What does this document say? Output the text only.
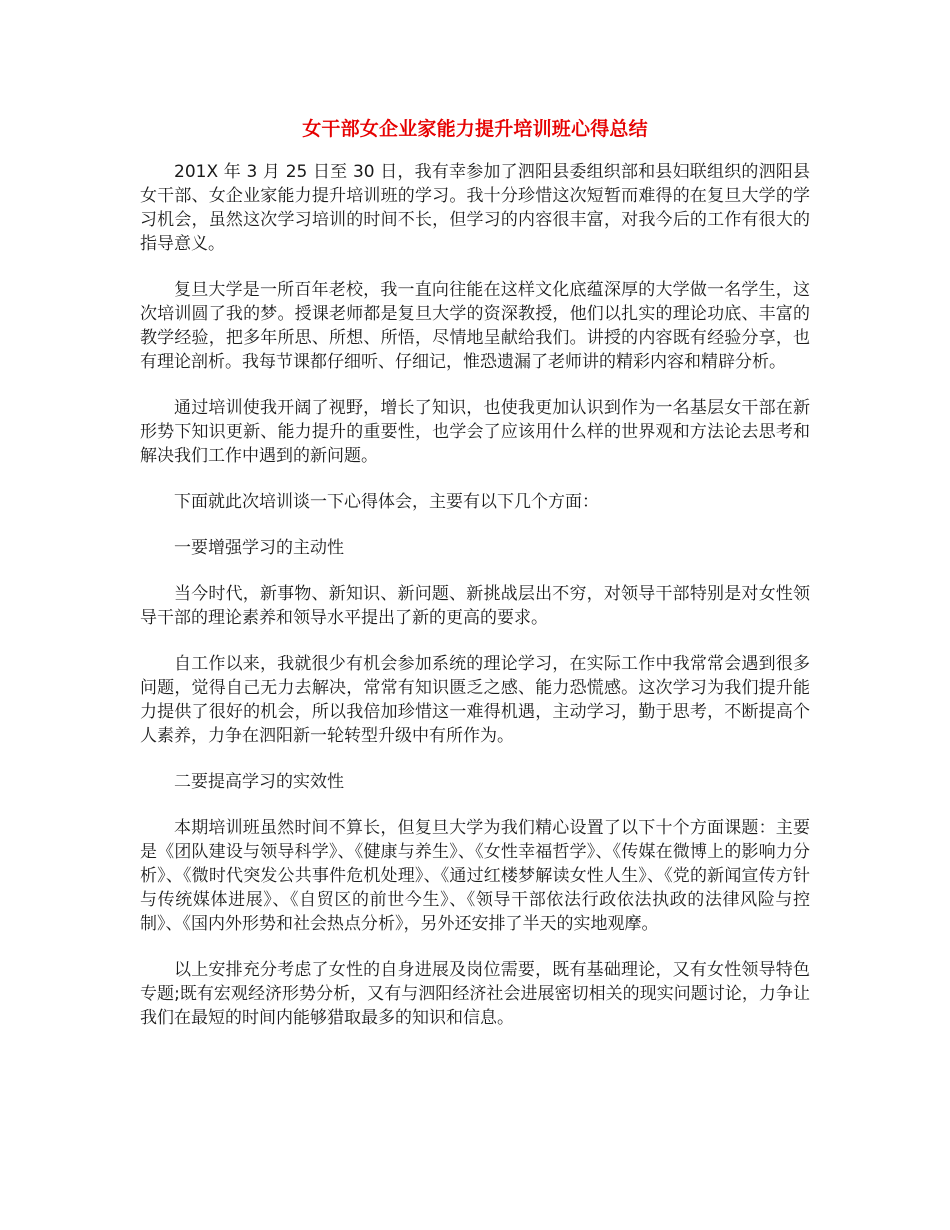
女干部女企业家能力提升培训班心得总结

201X 年 3 月 25 日至 30 日，我有幸参加了泗阳县委组织部和县妇联组织的泗阳县女干部、女企业家能力提升培训班的学习。我十分珍惜这次短暂而难得的在复旦大学的学习机会，虽然这次学习培训的时间不长，但学习的内容很丰富，对我今后的工作有很大的指导意义。

复旦大学是一所百年老校，我一直向往能在这样文化底蕴深厚的大学做一名学生，这次培训圆了我的梦。授课老师都是复旦大学的资深教授，他们以扎实的理论功底、丰富的教学经验，把多年所思、所想、所悟，尽情地呈献给我们。讲授的内容既有经验分享，也有理论剖析。我每节课都仔细听、仔细记，惟恐遗漏了老师讲的精彩内容和精辟分析。

通过培训使我开阔了视野，增长了知识，也使我更加认识到作为一名基层女干部在新形势下知识更新、能力提升的重要性，也学会了应该用什么样的世界观和方法论去思考和解决我们工作中遇到的新问题。

下面就此次培训谈一下心得体会，主要有以下几个方面：

一要增强学习的主动性

当今时代，新事物、新知识、新问题、新挑战层出不穷，对领导干部特别是对女性领导干部的理论素养和领导水平提出了新的更高的要求。

自工作以来，我就很少有机会参加系统的理论学习，在实际工作中我常常会遇到很多问题，觉得自己无力去解决，常常有知识匮乏之感、能力恐慌感。这次学习为我们提升能力提供了很好的机会，所以我倍加珍惜这一难得机遇，主动学习，勤于思考，不断提高个人素养，力争在泗阳新一轮转型升级中有所作为。

二要提高学习的实效性

本期培训班虽然时间不算长，但复旦大学为我们精心设置了以下十个方面课题：主要是《团队建设与领导科学》、《健康与养生》、《女性幸福哲学》、《传媒在微博上的影响力分析》、《微时代突发公共事件危机处理》、《通过红楼梦解读女性人生》、《党的新闻宣传方针与传统媒体进展》、《自贸区的前世今生》、《领导干部依法行政依法执政的法律风险与控制》、《国内外形势和社会热点分析》，另外还安排了半天的实地观摩。

以上安排充分考虑了女性的自身进展及岗位需要，既有基础理论，又有女性领导特色专题;既有宏观经济形势分析，又有与泗阳经济社会进展密切相关的现实问题讨论，力争让我们在最短的时间内能够猎取最多的知识和信息。
